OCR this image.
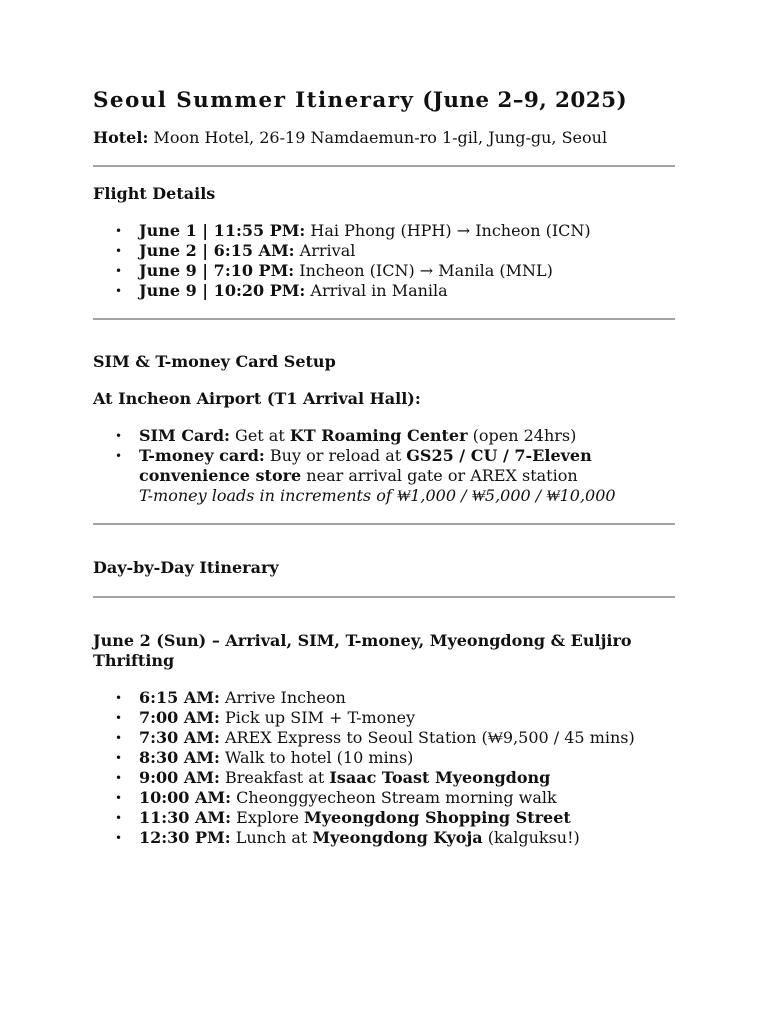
Seoul Summer Itinerary (June 2–9, 2025)

Hotel: Moon Hotel, 26-19 Namdaemun-ro 1-gil, Jung-gu, Seoul

Flight Details

• June 1 | 11:55 PM: Hai Phong (HPH) → Incheon (ICN)
• June 2 | 6:15 AM: Arrival
• June 9 | 7:10 PM: Incheon (ICN) → Manila (MNL)
• June 9 | 10:20 PM: Arrival in Manila

SIM & T-money Card Setup

At Incheon Airport (T1 Arrival Hall):

• SIM Card: Get at KT Roaming Center (open 24hrs)
• T-money card: Buy or reload at GS25 / CU / 7-Eleven convenience store near arrival gate or AREX station
T-money loads in increments of ₩1,000 / ₩5,000 / ₩10,000

Day-by-Day Itinerary

June 2 (Sun) – Arrival, SIM, T-money, Myeongdong & Euljiro Thrifting

• 6:15 AM: Arrive Incheon
• 7:00 AM: Pick up SIM + T-money
• 7:30 AM: AREX Express to Seoul Station (₩9,500 / 45 mins)
• 8:30 AM: Walk to hotel (10 mins)
• 9:00 AM: Breakfast at Isaac Toast Myeongdong
• 10:00 AM: Cheonggyecheon Stream morning walk
• 11:30 AM: Explore Myeongdong Shopping Street
• 12:30 PM: Lunch at Myeongdong Kyoja (kalguksu!)
